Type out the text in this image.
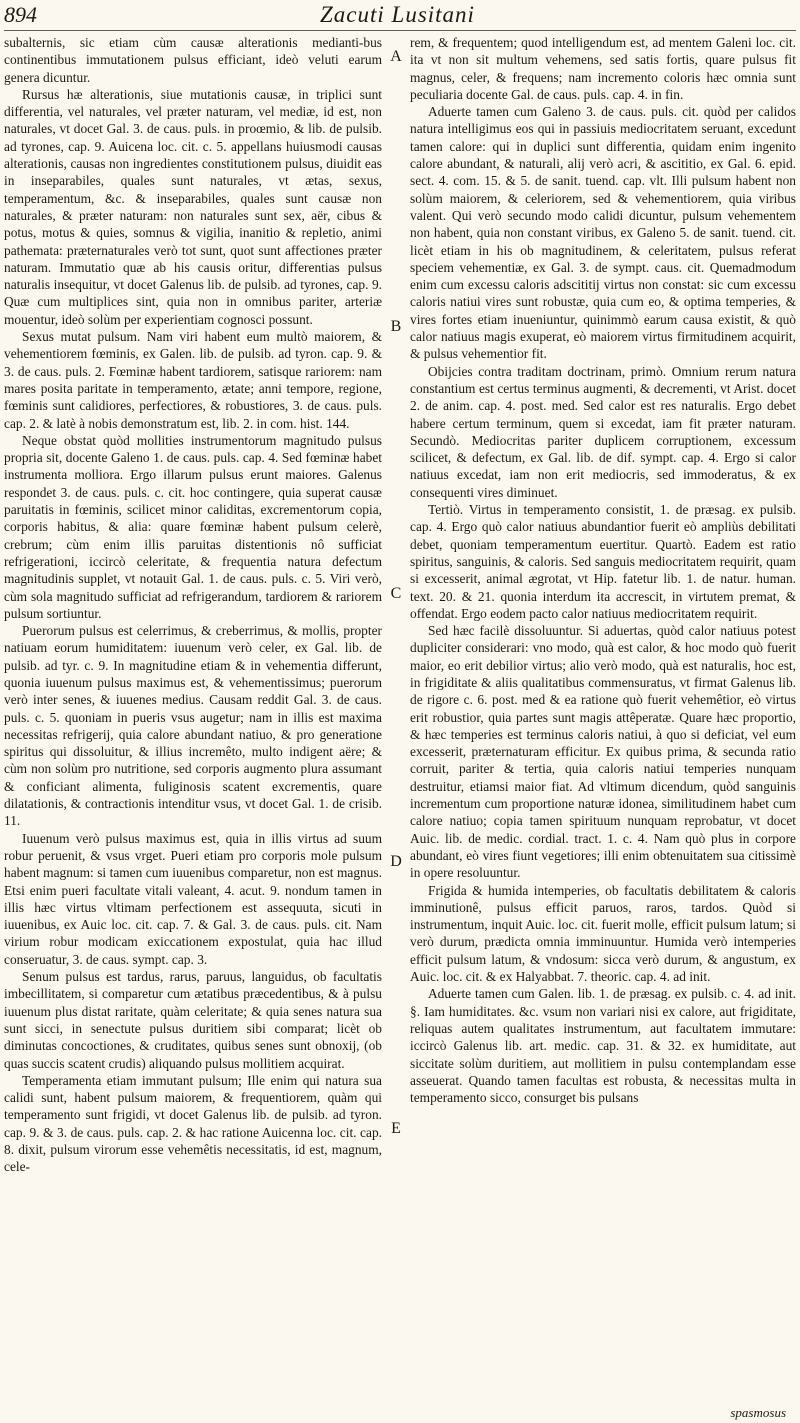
894	Zacuti Lusitani

subalternis, sic etiam cùm causæ alterationis medianti-bus continentibus immutationem pulsus efficiant, ideò veluti earum genera dicuntur.

Rursus hæ alterationis, siue mutationis causæ, in triplici sunt differentia, vel naturales, vel præter naturam, vel mediæ, id est, non naturales, vt docet Gal. 3. de caus. puls. in proœmio, & lib. de pulsib. ad tyrones, cap. 9. Auicena loc. cit. c. 5. appellans huiusmodi causas alterationis, causas non ingredientes constitutionem pulsus, diuidit eas in inseparabiles, quales sunt naturales, vt ætas, sexus, temperamentum, &c. & inseparabiles, quales sunt causæ non naturales, & præter naturam: non naturales sunt sex, aër, cibus & potus, motus & quies, somnus & vigilia, inanitio & repletio, animi pathemata: præternaturales verò tot sunt, quot sunt affectiones præter naturam. Immutatio quæ ab his causis oritur, differentias pulsus naturalis insequitur, vt docet Galenus lib. de pulsib. ad tyrones, cap. 9. Quæ cum multiplices sint, quia non in omnibus pariter, arteriæ mouentur, ideò solùm per experientiam cognosci possunt.

Sexus mutat pulsum. Nam viri habent eum multò maiorem, & vehementiorem fœminis, ex Galen. lib. de pulsib. ad tyron. cap. 9. & 3. de caus. puls. 2. Fœminæ habent tardiorem, satisque rariorem: nam mares posita paritate in temperamento, ætate; anni tempore, regione, fœminis sunt calidiores, perfectiores, & robustiores, 3. de caus. puls. cap. 2. & latè à nobis demonstratum est, lib. 2. in com. hist. 144.

Neque obstat quòd mollities instrumentorum magnitudo pulsus propria sit, docente Galeno 1. de caus. puls. cap. 4. Sed fœminæ habet instrumenta molliora. Ergo illarum pulsus erunt maiores. Galenus respondet 3. de caus. puls. c. cit. hoc contingere, quia superat causæ paruitatis in fœminis, scilicet minor caliditas, excrementorum copia, corporis habitus, & alia: quare fœminæ habent pulsum celerè, crebrum; cùm enim illis paruitas distentionis nô sufficiat refrigerationi, iccircò celeritate, & frequentia natura defectum magnitudinis supplet, vt notauit Gal. 1. de caus. puls. c. 5. Viri verò, cùm sola magnitudo sufficiat ad refrigerandum, tardiorem & rariorem pulsum sortiuntur.

Puerorum pulsus est celerrimus, & creberrimus, & mollis, propter natiuam eorum humiditatem: iuuenum verò celer, ex Gal. lib. de pulsib. ad tyr. c. 9. In magnitudine etiam & in vehementia differunt, quonia iuuenum pulsus maximus est, & vehementissimus; puerorum verò inter senes, & iuuenes medius. Causam reddit Gal. 3. de caus. puls. c. 5. quoniam in pueris vsus augetur; nam in illis est maxima necessitas refrigerij, quia calore abundant natiuo, & pro generatione spiritus qui dissoluitur, & illius incremêto, multo indigent aëre; & cùm non solùm pro nutritione, sed corporis augmento plura assumant & conficiant alimenta, fuliginosis scatent excrementis, quare dilatationis, & contractionis intenditur vsus, vt docet Gal. 1. de crisib. 11.

Iuuenum verò pulsus maximus est, quia in illis virtus ad suum robur peruenit, & vsus vrget. Pueri etiam pro corporis mole pulsum habent magnum: si tamen cum iuuenibus comparetur, non est magnus. Etsi enim pueri facultate vitali valeant, 4. acut. 9. nondum tamen in illis hæc virtus vltimam perfectionem est assequuta, sicuti in iuuenibus, ex Auic loc. cit. cap. 7. & Gal. 3. de caus. puls. cit. Nam virium robur modicam exiccationem expostulat, quia hac illud conseruatur, 3. de caus. sympt. cap. 3.

Senum pulsus est tardus, rarus, paruus, languidus, ob facultatis imbecillitatem, si comparetur cum ætatibus præcedentibus, & à pulsu iuuenum plus distat raritate, quàm celeritate; & quia senes natura sua sunt sicci, in senectute pulsus duritiem sibi comparat; licèt ob diminutas concoctiones, & cruditates, quibus senes sunt obnoxij, (ob quas succis scatent crudis) aliquando pulsus mollitiem acquirat.

Temperamenta etiam immutant pulsum; Ille enim qui natura sua calidi sunt, habent pulsum maiorem, & frequentiorem, quàm qui temperamento sunt frigidi, vt docet Galenus lib. de pulsib. ad tyron. cap. 9. & 3. de caus. puls. cap. 2. & hac ratione Auicenna loc. cit. cap. 8. dixit, pulsum virorum esse vehemêtis necessitatis, id est, magnum, cele-

A
B
C
D
E

rem, & frequentem; quod intelligendum est, ad mentem Galeni loc. cit. ita vt non sit multum vehemens, sed satis fortis, quare pulsus fit magnus, celer, & frequens; nam incremento coloris hæc omnia sunt peculiaria docente Gal. de caus. puls. cap. 4. in fin.

Aduerte tamen cum Galeno 3. de caus. puls. cit. quòd per calidos natura intelligimus eos qui in passiuis mediocritatem seruant, excedunt tamen calore: qui in duplici sunt differentia, quidam enim ingenito calore abundant, & naturali, alij verò acri, & ascititio, ex Gal. 6. epid. sect. 4. com. 15. & 5. de sanit. tuend. cap. vlt. Illi pulsum habent non solùm maiorem, & celeriorem, sed & vehementiorem, quia viribus valent. Qui verò secundo modo calidi dicuntur, pulsum vehementem non habent, quia non constant viribus, ex Galeno 5. de sanit. tuend. cit. licèt etiam in his ob magnitudinem, & celeritatem, pulsus referat speciem vehementiæ, ex Gal. 3. de sympt. caus. cit. Quemadmodum enim cum excessu caloris adscititij virtus non constat: sic cum excessu caloris natiui vires sunt robustæ, quia cum eo, & optima temperies, & vires fortes etiam inueniuntur, quinimmò earum causa existit, & quò calor natiuus magis exuperat, eò maiorem virtus firmitudinem acquirit, & pulsus vehementior fit.

Obijcies contra traditam doctrinam, primò. Omnium rerum natura constantium est certus terminus augmenti, & decrementi, vt Arist. docet 2. de anim. cap. 4. post. med. Sed calor est res naturalis. Ergo debet habere certum terminum, quem si excedat, iam fit præter naturam. Secundò. Mediocritas pariter duplicem corruptionem, excessum scilicet, & defectum, ex Gal. lib. de dif. sympt. cap. 4. Ergo si calor natiuus excedat, iam non erit mediocris, sed immoderatus, & ex consequenti vires diminuet.

Tertiò. Virtus in temperamento consistit, 1. de præsag. ex pulsib. cap. 4. Ergo quò calor natiuus abundantior fuerit eò ampliùs debilitati debet, quoniam temperamentum euertitur. Quartò. Eadem est ratio spiritus, sanguinis, & caloris. Sed sanguis mediocritatem requirit, quam si excesserit, animal ægrotat, vt Hip. fatetur lib. 1. de natur. human. text. 20. & 21. quonia interdum ita accrescit, in virtutem premat, & offendat. Ergo eodem pacto calor natiuus mediocritatem requirit.

Sed hæc facilè dissoluuntur. Si aduertas, quòd calor natiuus potest dupliciter considerari: vno modo, quà est calor, & hoc modo quò fuerit maior, eo erit debilior virtus; alio verò modo, quà est naturalis, hoc est, in frigiditate & aliis qualitatibus commensuratus, vt firmat Galenus lib. de rigore c. 6. post. med & ea ratione quò fuerit vehemêtior, eò virtus erit robustior, quia partes sunt magis attêperatæ. Quare hæc proportio, & hæc temperies est terminus caloris natiui, à quo si deficiat, vel eum excesserit, præternaturam efficitur. Ex quibus prima, & secunda ratio corruit, pariter & tertia, quia caloris natiui temperies nunquam destruitur, etiamsi maior fiat. Ad vltimum dicendum, quòd sanguinis incrementum cum proportione naturæ idonea, similitudinem habet cum calore natiuo; copia tamen spirituum nunquam reprobatur, vt docet Auic. lib. de medic. cordial. tract. 1. c. 4. Nam quò plus in corpore abundant, eò vires fiunt vegetiores; illi enim obtenuitatem sua citissimè in opere resoluuntur.

Frigida & humida intemperies, ob facultatis debilitatem & caloris imminutionê, pulsus efficit paruos, raros, tardos. Quòd si instrumentum, inquit Auic. loc. cit. fuerit molle, efficit pulsum latum; si verò durum, prædicta omnia imminuuntur. Humida verò intemperies efficit pulsum latum, & vndosum: sicca verò durum, & angustum, ex Auic. loc. cit. & ex Halyabbat. 7. theoric. cap. 4. ad init.

Aduerte tamen cum Galen. lib. 1. de præsag. ex pulsib. c. 4. ad init. §. Iam humiditates. &c. vsum non variari nisi ex calore, aut frigiditate, reliquas autem qualitates instrumentum, aut facultatem immutare: iccircò Galenus lib. art. medic. cap. 31. & 32. ex humiditate, aut siccitate solùm duritiem, aut mollitiem in pulsu contemplandam esse asseuerat. Quando tamen facultas est robusta, & necessitas multa in temperamento sicco, consurget bis pulsans

spasmosus
